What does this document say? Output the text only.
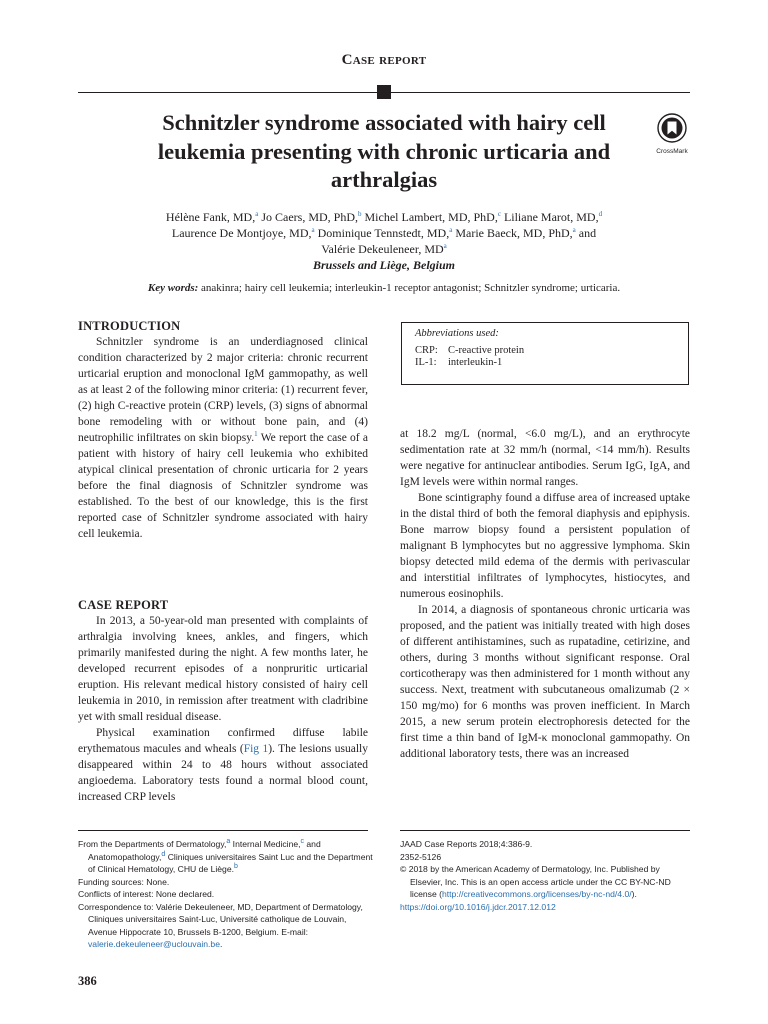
Case report
Schnitzler syndrome associated with hairy cell leukemia presenting with chronic urticaria and arthralgias
CrossMark
Hélène Fank, MD,$^a$ Jo Caers, MD, PhD,$^b$ Michel Lambert, MD, PhD,$^c$ Liliane Marot, MD,$^d$
Laurence De Montjoye, MD,$^a$ Dominique Tennstedt, MD,$^a$ Marie Baeck, MD, PhD,$^a$ and
Valérie Dekeuleneer, $MD^a$
Brussels and Liège, Belgium
Key words: anakinra; hairy cell leukemia; interleukin-1 receptor antagonist; Schnitzler syndrome; urticaria.
INTRODUCTION

Schnitzler syndrome is an underdiagnosed clinical condition characterized by 2 major criteria: chronic recurrent urticarial eruption and monoclonal IgM gammopathy, as well as at least 2 of the following minor criteria: (1) recurrent fever, (2) high C-reactive protein (CRP) levels, (3) signs of abnormal bone remodeling with or without bone pain, and (4) neutrophilic infiltrates on skin biopsy.$^1$ We report the case of a patient with history of hairy cell leukemia who exhibited atypical clinical presentation of chronic urticaria for 2 years before the final diagnosis of Schnitzler syndrome was established. To the best of our knowledge, this is the first reported case of Schnitzler syndrome associated with hairy cell leukemia.

CASE REPORT

In 2013, a 50-year-old man presented with complaints of arthralgia involving knees, ankles, and fingers, which primarily manifested during the night. A few months later, he developed recurrent episodes of a nonpruritic urticarial eruption. His relevant medical history consisted of hairy cell leukemia in 2010, in remission after treatment with cladribine yet with small residual disease.

Physical examination confirmed diffuse labile erythematous macules and wheals (Fig 1). The lesions usually disappeared within 24 to 48 hours without associated angioedema. Laboratory tests found a normal blood count, increased CRP levels

Abbreviations used:
CRP: C-reactive protein
IL-1:	interleukin-1

at 18.2 mg/L (normal, <6.0 mg/L), and an erythrocyte sedimentation rate at 32 mm/h (normal, <14 mm/h). Results were negative for antinuclear antibodies. Serum IgG, IgA, and IgM levels were within normal ranges.

Bone scintigraphy found a diffuse area of increased uptake in the distal third of both the femoral diaphysis and epiphysis. Bone marrow biopsy found a persistent population of malignant B lymphocytes but no aggressive lymphoma. Skin biopsy detected mild edema of the dermis with perivascular and interstitial infiltrates of lymphocytes, histiocytes, and numerous eosinophils.

In 2014, a diagnosis of spontaneous chronic urticaria was proposed, and the patient was initially treated with high doses of different antihistamines, such as rupatadine, cetirizine, and others, during 3 months without significant response. Oral corticotherapy was then administered for 1 month without any success. Next, treatment with subcutaneous omalizumab (2 × 150 mg/mo) for 6 months was proven inefficient. In March 2015, a new serum protein electrophoresis detected for the first time a thin band of IgM-κ monoclonal gammopathy. On additional laboratory tests, there was an increased

From the Departments of Dermatology,$^a$ Internal Medicine,$^c$ and Anatomopathology,$^d$ Cliniques universitaires Saint Luc and the Department of Clinical Hematology, CHU de Liège.$^b$

Funding sources: None.

Conflicts of interest: None declared.

Correspondence to: Valérie Dekeuleneer, MD, Department of Dermatology, Cliniques universitaires Saint-Luc, Université catholique de Louvain, Avenue Hippocrate 10, Brussels B-1200, Belgium. E-mail: valerie.dekeuleneer@uclouvain.be.

JAAD Case Reports 2018;4:386-9.

2352-5126

© 2018 by the American Academy of Dermatology, Inc. Published by Elsevier, Inc. This is an open access article under the CC BY-NC-ND license (http://creativecommons.org/licenses/by-nc-nd/4.0/).

https://doi.org/10.1016/j.jdcr.2017.12.012

386
